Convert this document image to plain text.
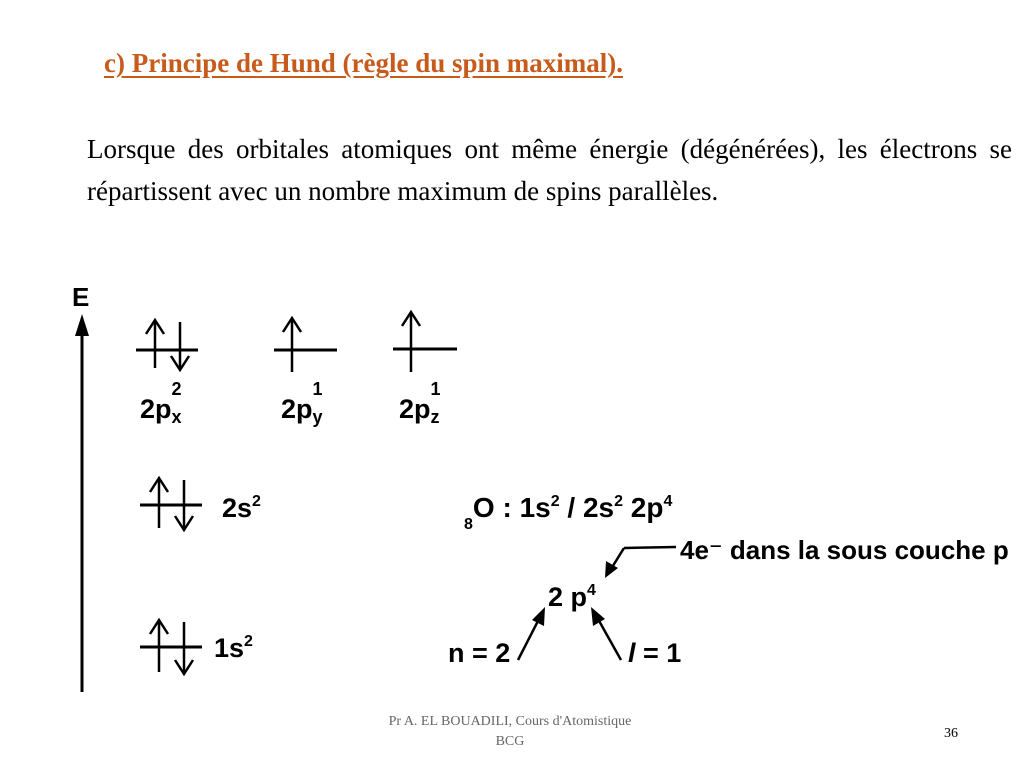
c) Principe de Hund (règle du spin maximal).
Lorsque des orbitales atomiques ont même énergie (dégénérées), les électrons se répartissent avec un nombre maximum de spins parallèles.
E
2p
2
x	2p
1
y	2p
1
z
$2s^2$
$1s^2$
$_8$O : $1s^2 / 2s^2$ $2p^4$
4e⁻ dans la sous couche p
2 $p^4$
n = 2	l = 1
Pr A. EL BOUADILI, Cours d'Atomistique
BCG
36
